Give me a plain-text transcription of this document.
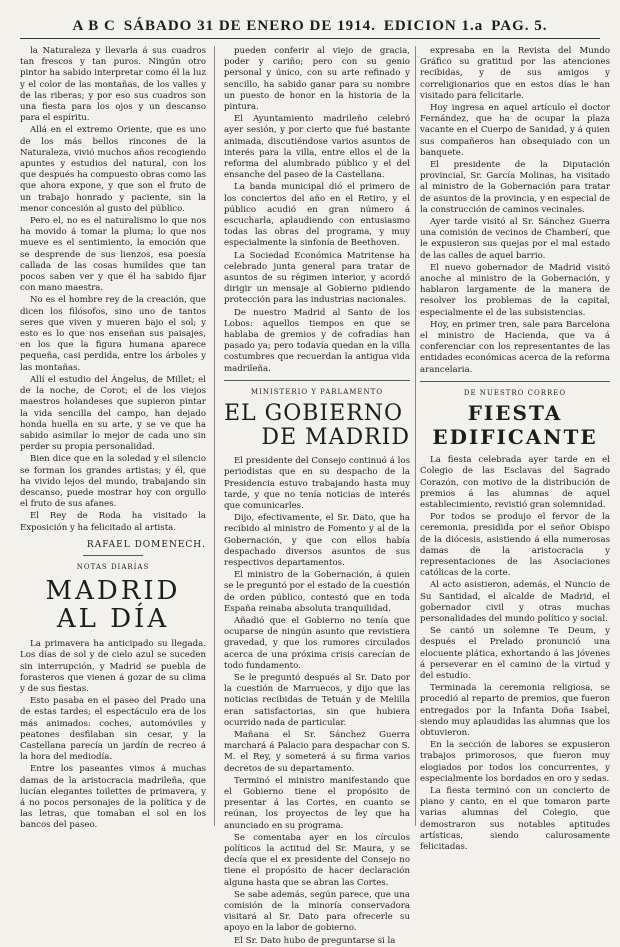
A B C SÁBADO 31 DE ENERO DE 1914. EDICION 1.a PAG. 5.

la Naturaleza y llevarla á sus cuadros tan frescos y tan puros. Ningún otro pintor ha sabido interpretar como él la luz y el color de las montañas, de los valles y de las riberas; y por eso sus cuadros son una fiesta para los ojos y un descanso para el espíritu.

Allá en el extremo Oriente, que es uno de los más bellos rincones de la Naturaleza, vivió muchos años recogiendo apuntes y estudios del natural, con los que después ha compuesto obras como las que ahora expone, y que son el fruto de un trabajo honrado y paciente, sin la menor concesión al gusto del público.

Pero el, no es el naturalismo lo que nos ha movido á tomar la pluma; lo que nos mueve es el sentimiento, la emoción que se desprende de sus lienzos, esa poesía callada de las cosas humildes que tan pocos saben ver y que él ha sabido fijar con mano maestra.

No es el hombre rey de la creación, que dicen los filósofos, sino uno de tantos seres que viven y mueren bajo el sol; y esto es lo que nos enseñan sus paisajes, en los que la figura humana aparece pequeña, casi perdida, entre los árboles y las montañas.

Allí el estudio del Ángelus, de Millet; el de la noche, de Corot; el de los viejos maestros holandeses que supieron pintar la vida sencilla del campo, han dejado honda huella en su arte, y se ve que ha sabido asimilar lo mejor de cada uno sin perder su propia personalidad.

Bien dice que en la soledad y el silencio se forman los grandes artistas; y él, que ha vivido lejos del mundo, trabajando sin descanso, puede mostrar hoy con orgullo el fruto de sus afanes.

El Rey de Roda ha visitado la Exposición y ha felicitado al artista.

RAFAEL DOMENECH.
NOTAS DIARIAS
MADRID AL DÍA

La primavera ha anticipado su llegada. Los días de sol y de cielo azul se suceden sin interrupción, y Madrid se puebla de forasteros que vienen á gozar de su clima y de sus fiestas.

Esto pasaba en el paseo del Prado una de estas tardes; el espectáculo era de los más animados: coches, automóviles y peatones desfilaban sin cesar, y la Castellana parecía un jardín de recreo á la hora del mediodía.

Entre los paseantes vimos á muchas damas de la aristocracia madrileña, que lucían elegantes toilettes de primavera, y á no pocos personajes de la política y de las letras, que tomaban el sol en los bancos del paseo.

pueden conferir al viejo de gracia, poder y cariño; pero con su genio personal y único, con su arte refinado y sencillo, ha sabido ganar para su nombre un puesto de honor en la historia de la pintura.

El Ayuntamiento madrileño celebró ayer sesión, y por cierto que fué bastante animada, discutiéndose varios asuntos de interés para la villa, entre ellos el de la reforma del alumbrado público y el del ensanche del paseo de la Castellana.

La banda municipal dió el primero de los conciertos del año en el Retiro, y el público acudió en gran número á escucharla, aplaudiendo con entusiasmo todas las obras del programa, y muy especialmente la sinfonía de Beethoven.

La Sociedad Económica Matritense ha celebrado junta general para tratar de asuntos de su régimen interior, y acordó dirigir un mensaje al Gobierno pidiendo protección para las industrias nacionales.

De nuestro Madrid al Santo de los Lobos: aquellos tiempos en que se hablaba de gremios y de cofradías han pasado ya; pero todavía quedan en la villa costumbres que recuerdan la antigua vida madrileña.

MINISTERIO Y PARLAMENTO
EL GOBIERNO
DE MADRID

El presidente del Consejo continuó á los periodistas que en su despacho de la Presidencia estuvo trabajando hasta muy tarde, y que no tenía noticias de interés que comunicarles.

Dijo, efectivamente, el Sr. Dato, que ha recibido al ministro de Fomento y al de la Gobernación, y que con ellos había despachado diversos asuntos de sus respectivos departamentos.

El ministro de la Gobernación, á quien se le preguntó por el estado de la cuestión de orden público, contestó que en toda España reinaba absoluta tranquilidad.

Añadió que el Gobierno no tenía que ocuparse de ningún asunto que revistiera gravedad, y que los rumores circulados acerca de una próxima crisis carecían de todo fundamento.

Se le preguntó después al Sr. Dato por la cuestión de Marruecos, y dijo que las noticias recibidas de Tetuán y de Melilla eran satisfactorias, sin que hubiera ocurrido nada de particular.

Mañana el Sr. Sánchez Guerra marchará á Palacio para despachar con S. M. el Rey, y someterá á su firma varios decretos de su departamento.

Terminó el ministro manifestando que el Gobierno tiene el propósito de presentar á las Cortes, en cuanto se reúnan, los proyectos de ley que ha anunciado en su programa.

Se comentaba ayer en los círculos políticos la actitud del Sr. Maura, y se decía que el ex presidente del Consejo no tiene el propósito de hacer declaración alguna hasta que se abran las Cortes.

Se sabe además, según parece, que una comisión de la minoría conservadora visitará al Sr. Dato para ofrecerle su apoyo en la labor de gobierno.

El Sr. Dato hubo de preguntarse si la

expresaba en la Revista del Mundo Gráfico su gratitud por las atenciones recibidas, y de sus amigos y correligionarios que en estos días le han visitado para felicitarle.

Hoy ingresa en aquel artículo el doctor Fernández, que ha de ocupar la plaza vacante en el Cuerpo de Sanidad, y á quien sus compañeros han obsequiado con un banquete.

El presidente de la Diputación provincial, Sr. García Molinas, ha visitado al ministro de la Gobernación para tratar de asuntos de la provincia, y en especial de la construcción de caminos vecinales.

Ayer tarde visitó al Sr. Sánchez Guerra una comisión de vecinos de Chamberí, que le expusieron sus quejas por el mal estado de las calles de aquel barrio.

El nuevo gobernador de Madrid visitó anoche al ministro de la Gobernación, y hablaron largamente de la manera de resolver los problemas de la capital, especialmente el de las subsistencias.

Hoy, en primer tren, sale para Barcelona el ministro de Hacienda, que va á conferenciar con los representantes de las entidades económicas acerca de la reforma arancelaria.

DE NUESTRO CORREO
FIESTA EDIFICANTE

La fiesta celebrada ayer tarde en el Colegio de las Esclavas del Sagrado Corazón, con motivo de la distribución de premios á las alumnas de aquel establecimiento, revistió gran solemnidad.

Por todos se produjo el fervor de la ceremonia, presidida por el señor Obispo de la diócesis, asistiendo á ella numerosas damas de la aristocracia y representaciones de las Asociaciones católicas de la corte.

Al acto asistieron, además, el Nuncio de Su Santidad, el alcalde de Madrid, el gobernador civil y otras muchas personalidades del mundo político y social.

Se cantó un solemne Te Deum, y después el Prelado pronunció una elocuente plática, exhortando á las jóvenes á perseverar en el camino de la virtud y del estudio.

Terminada la ceremonia religiosa, se procedió al reparto de premios, que fueron entregados por la Infanta Doña Isabel, siendo muy aplaudidas las alumnas que los obtuvieron.

En la sección de labores se expusieron trabajos primorosos, que fueron muy elogiados por todos los concurrentes, y especialmente los bordados en oro y sedas.

La fiesta terminó con un concierto de piano y canto, en el que tomaron parte varias alumnas del Colegio, que demostraron sus notables aptitudes artísticas, siendo calurosamente felicitadas.
